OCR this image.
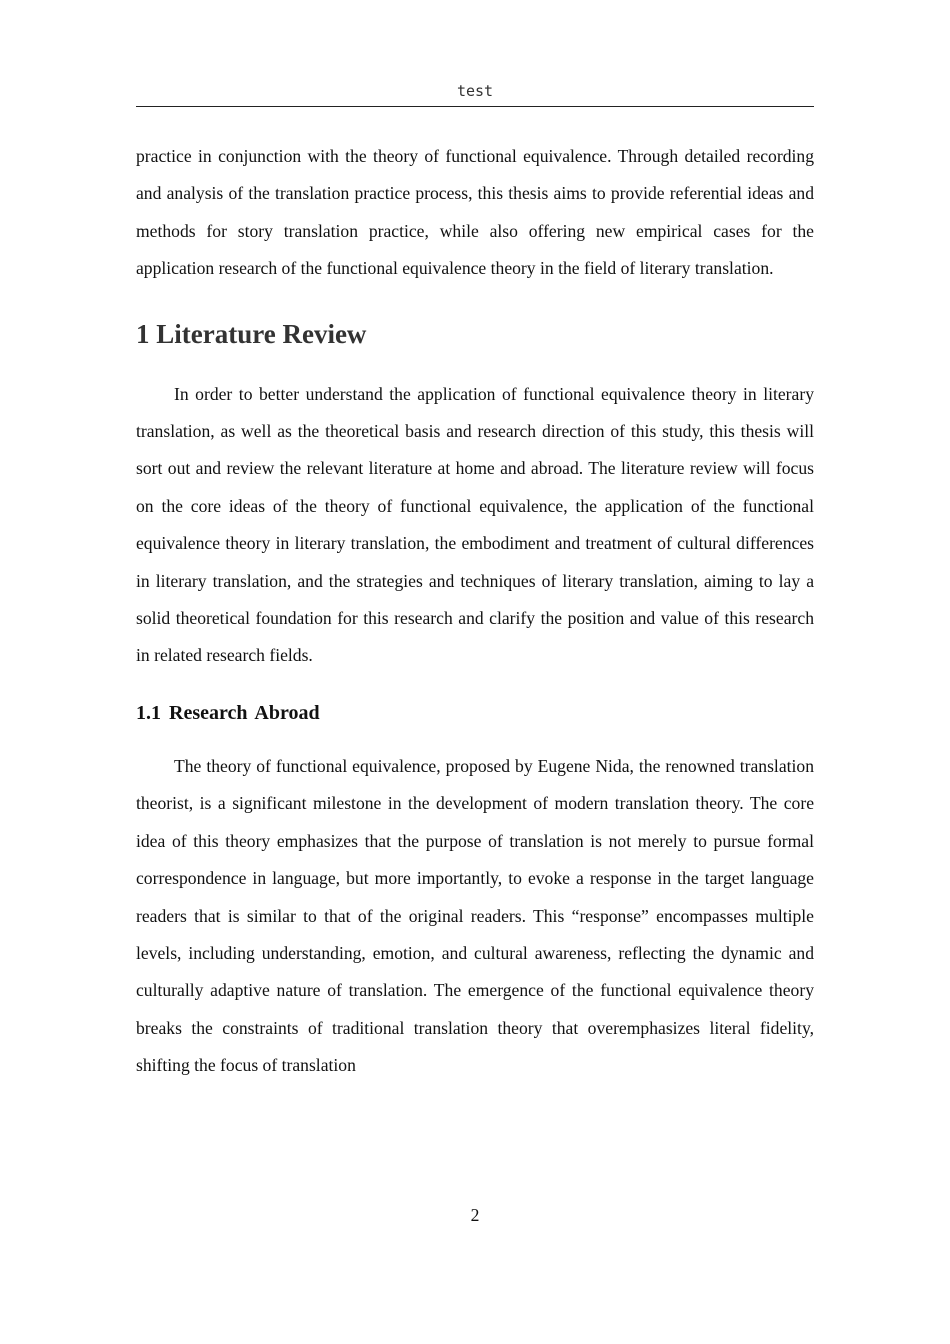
test

practice in conjunction with the theory of functional equivalence. Through detailed recording and analysis of the translation practice process, this thesis aims to provide referential ideas and methods for story translation practice, while also offering new empirical cases for the application research of the functional equivalence theory in the field of literary translation.

1 Literature Review

In order to better understand the application of functional equivalence theory in literary translation, as well as the theoretical basis and research direction of this study, this thesis will sort out and review the relevant literature at home and abroad. The literature review will focus on the core ideas of the theory of functional equivalence, the application of the functional equivalence theory in literary translation, the embodiment and treatment of cultural differences in literary translation, and the strategies and techniques of literary translation, aiming to lay a solid theoretical foundation for this research and clarify the position and value of this research in related research fields.

1.1 Research Abroad

The theory of functional equivalence, proposed by Eugene Nida, the renowned translation theorist, is a significant milestone in the development of modern translation theory. The core idea of this theory emphasizes that the purpose of translation is not merely to pursue formal correspondence in language, but more importantly, to evoke a response in the target language readers that is similar to that of the original readers. This “response” encompasses multiple levels, including understanding, emotion, and cultural awareness, reflecting the dynamic and culturally adaptive nature of translation. The emergence of the functional equivalence theory breaks the constraints of traditional translation theory that overemphasizes literal fidelity, shifting the focus of translation

2
